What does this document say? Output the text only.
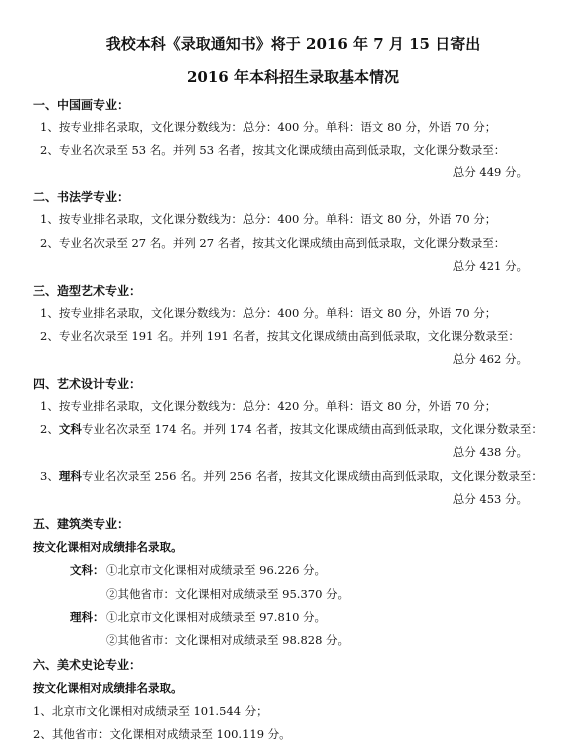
我校本科《录取通知书》将于 2016 年 7 月 15 日寄出
2016 年本科招生录取基本情况
一、中国画专业：
1、按专业排名录取，文化课分数线为：总分：400 分。单科：语文 80 分，外语 70 分；
2、专业名次录至 53 名。并列 53 名者，按其文化课成绩由高到低录取，文化课分数录至：
总分 449 分。
二、书法学专业：
1、按专业排名录取，文化课分数线为：总分：400 分。单科：语文 80 分，外语 70 分；
2、专业名次录至 27 名。并列 27 名者，按其文化课成绩由高到低录取，文化课分数录至：
总分 421 分。
三、造型艺术专业：
1、按专业排名录取，文化课分数线为：总分：400 分。单科：语文 80 分，外语 70 分；
2、专业名次录至 191 名。并列 191 名者，按其文化课成绩由高到低录取，文化课分数录至：
总分 462 分。
四、艺术设计专业：
1、按专业排名录取，文化课分数线为：总分：420 分。单科：语文 80 分，外语 70 分；
2、文科专业名次录至 174 名。并列 174 名者，按其文化课成绩由高到低录取，文化课分数录至：
总分 438 分。
3、理科专业名次录至 256 名。并列 256 名者，按其文化课成绩由高到低录取，文化课分数录至：
总分 453 分。
五、建筑类专业：
按文化课相对成绩排名录取。
文科： ①北京市文化课相对成绩录至 96.226 分。
②其他省市：文化课相对成绩录至 95.370 分。
理科： ①北京市文化课相对成绩录至 97.810 分。
②其他省市：文化课相对成绩录至 98.828 分。
六、美术史论专业：
按文化课相对成绩排名录取。
1、北京市文化课相对成绩录至 101.544 分；
2、其他省市：文化课相对成绩录至 100.119 分。
